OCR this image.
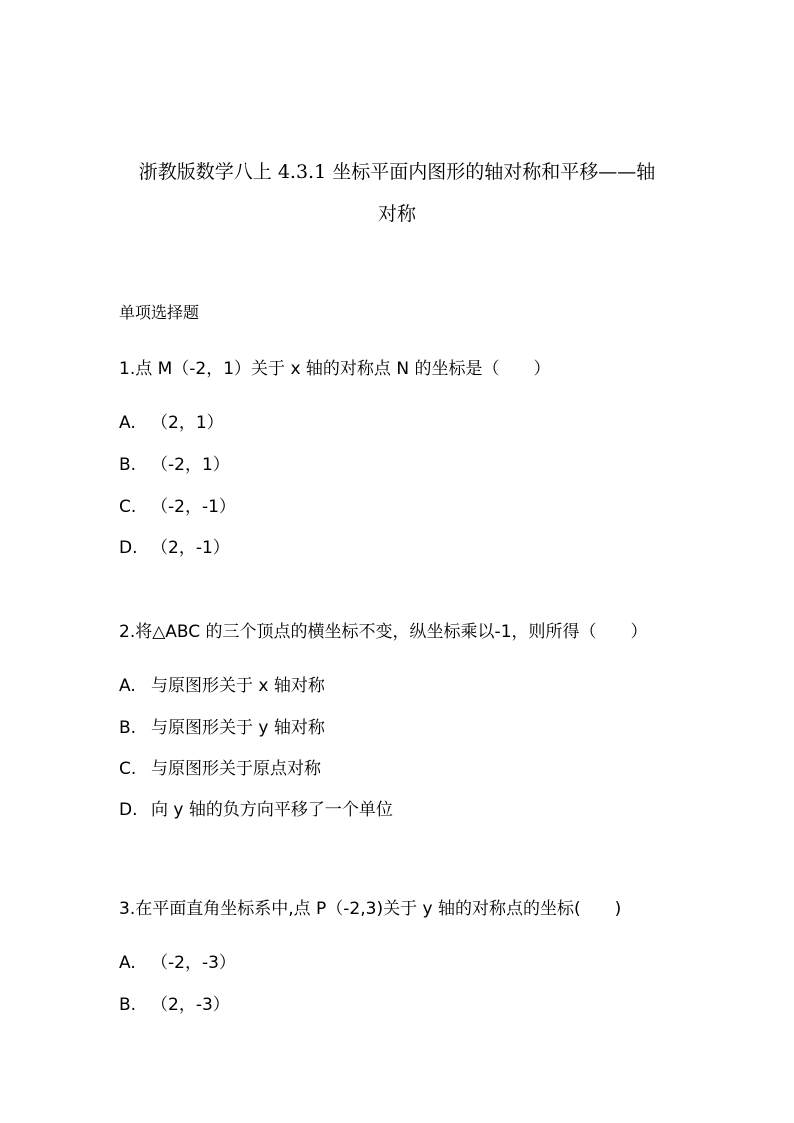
浙教版数学八上 4.3.1 坐标平面内图形的轴对称和平移——轴
对称

单项选择题

1.点 M（-2，1）关于 x 轴的对称点 N 的坐标是（　　）

A. （2，1）

B. （-2，1）

C. （-2，-1）

D. （2，-1）

2.将△ABC 的三个顶点的横坐标不变，纵坐标乘以-1，则所得（　　）

A. 与原图形关于 x 轴对称

B. 与原图形关于 y 轴对称

C. 与原图形关于原点对称

D. 向 y 轴的负方向平移了一个单位

3.在平面直角坐标系中,点 P（-2,3)关于 y 轴的对称点的坐标(　　)

A. （-2，-3）

B. （2，-3）
